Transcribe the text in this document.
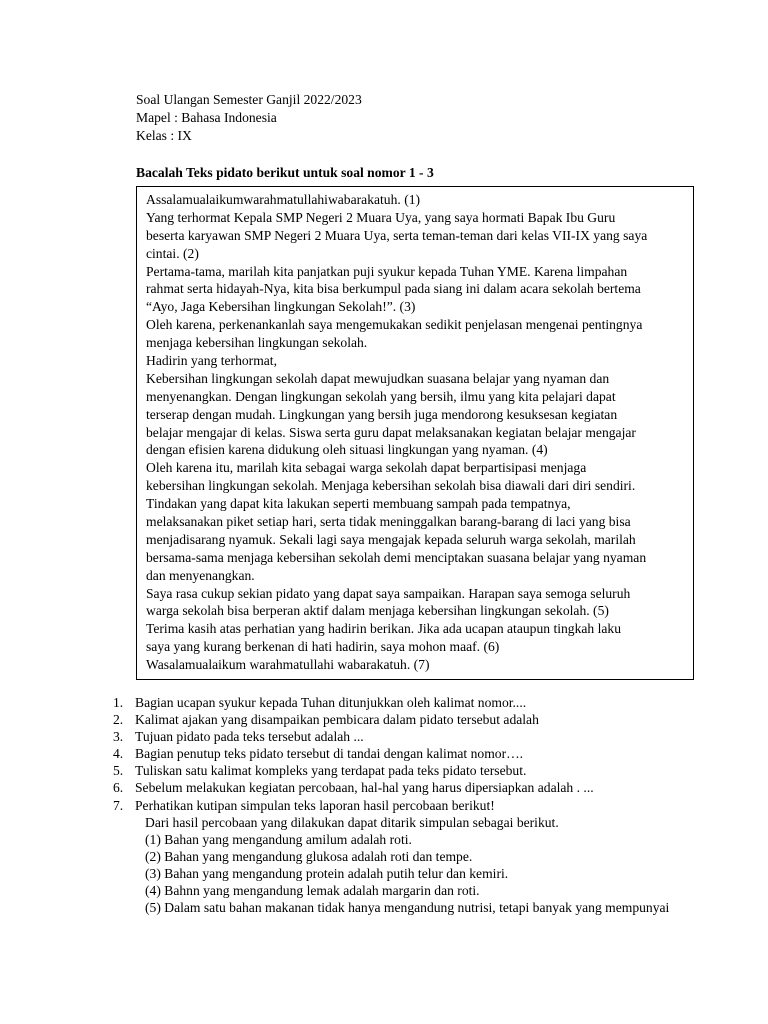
Soal Ulangan Semester Ganjil 2022/2023
Mapel : Bahasa Indonesia
Kelas : IX
Bacalah Teks pidato berikut untuk soal nomor 1 - 3
Assalamualaikumwarahmatullahiwabarakatuh. (1)
Yang terhormat Kepala SMP Negeri 2 Muara Uya, yang saya hormati Bapak Ibu Guru
beserta karyawan SMP Negeri 2 Muara Uya, serta teman-teman dari kelas VII-IX yang saya
cintai. (2)
Pertama-tama, marilah kita panjatkan puji syukur kepada Tuhan YME. Karena limpahan
rahmat serta hidayah-Nya, kita bisa berkumpul pada siang ini dalam acara sekolah bertema
“Ayo, Jaga Kebersihan lingkungan Sekolah!”. (3)
Oleh karena, perkenankanlah saya mengemukakan sedikit penjelasan mengenai pentingnya
menjaga kebersihan lingkungan sekolah.
Hadirin yang terhormat,
Kebersihan lingkungan sekolah dapat mewujudkan suasana belajar yang nyaman dan
menyenangkan. Dengan lingkungan sekolah yang bersih, ilmu yang kita pelajari dapat
terserap dengan mudah. Lingkungan yang bersih juga mendorong kesuksesan kegiatan
belajar mengajar di kelas. Siswa serta guru dapat melaksanakan kegiatan belajar mengajar
dengan efisien karena didukung oleh situasi lingkungan yang nyaman. (4)
Oleh karena itu, marilah kita sebagai warga sekolah dapat berpartisipasi menjaga
kebersihan lingkungan sekolah. Menjaga kebersihan sekolah bisa diawali dari diri sendiri.
Tindakan yang dapat kita lakukan seperti membuang sampah pada tempatnya,
melaksanakan piket setiap hari, serta tidak meninggalkan barang-barang di laci yang bisa
menjadisarang nyamuk. Sekali lagi saya mengajak kepada seluruh warga sekolah, marilah
bersama-sama menjaga kebersihan sekolah demi menciptakan suasana belajar yang nyaman
dan menyenangkan.
Saya rasa cukup sekian pidato yang dapat saya sampaikan. Harapan saya semoga seluruh
warga sekolah bisa berperan aktif dalam menjaga kebersihan lingkungan sekolah. (5)
Terima kasih atas perhatian yang hadirin berikan. Jika ada ucapan ataupun tingkah laku
saya yang kurang berkenan di hati hadirin, saya mohon maaf. (6)
Wasalamualaikum warahmatullahi wabarakatuh. (7)
1. Bagian ucapan syukur kepada Tuhan ditunjukkan oleh kalimat nomor....
2. Kalimat ajakan yang disampaikan pembicara dalam pidato tersebut adalah
3. Tujuan pidato pada teks tersebut adalah ...
4. Bagian penutup teks pidato tersebut di tandai dengan kalimat nomor….
5. Tuliskan satu kalimat kompleks yang terdapat pada teks pidato tersebut.
6. Sebelum melakukan kegiatan percobaan, hal-hal yang harus dipersiapkan adalah . ...
7. Perhatikan kutipan simpulan teks laporan hasil percobaan berikut!
Dari hasil percobaan yang dilakukan dapat ditarik simpulan sebagai berikut.
(1) Bahan yang mengandung amilum adalah roti.
(2) Bahan yang mengandung glukosa adalah roti dan tempe.
(3) Bahan yang mengandung protein adalah putih telur dan kemiri.
(4) Bahnn yang mengandung lemak adalah margarin dan roti.
(5) Dalam satu bahan makanan tidak hanya mengandung nutrisi, tetapi banyak yang mempunyai
